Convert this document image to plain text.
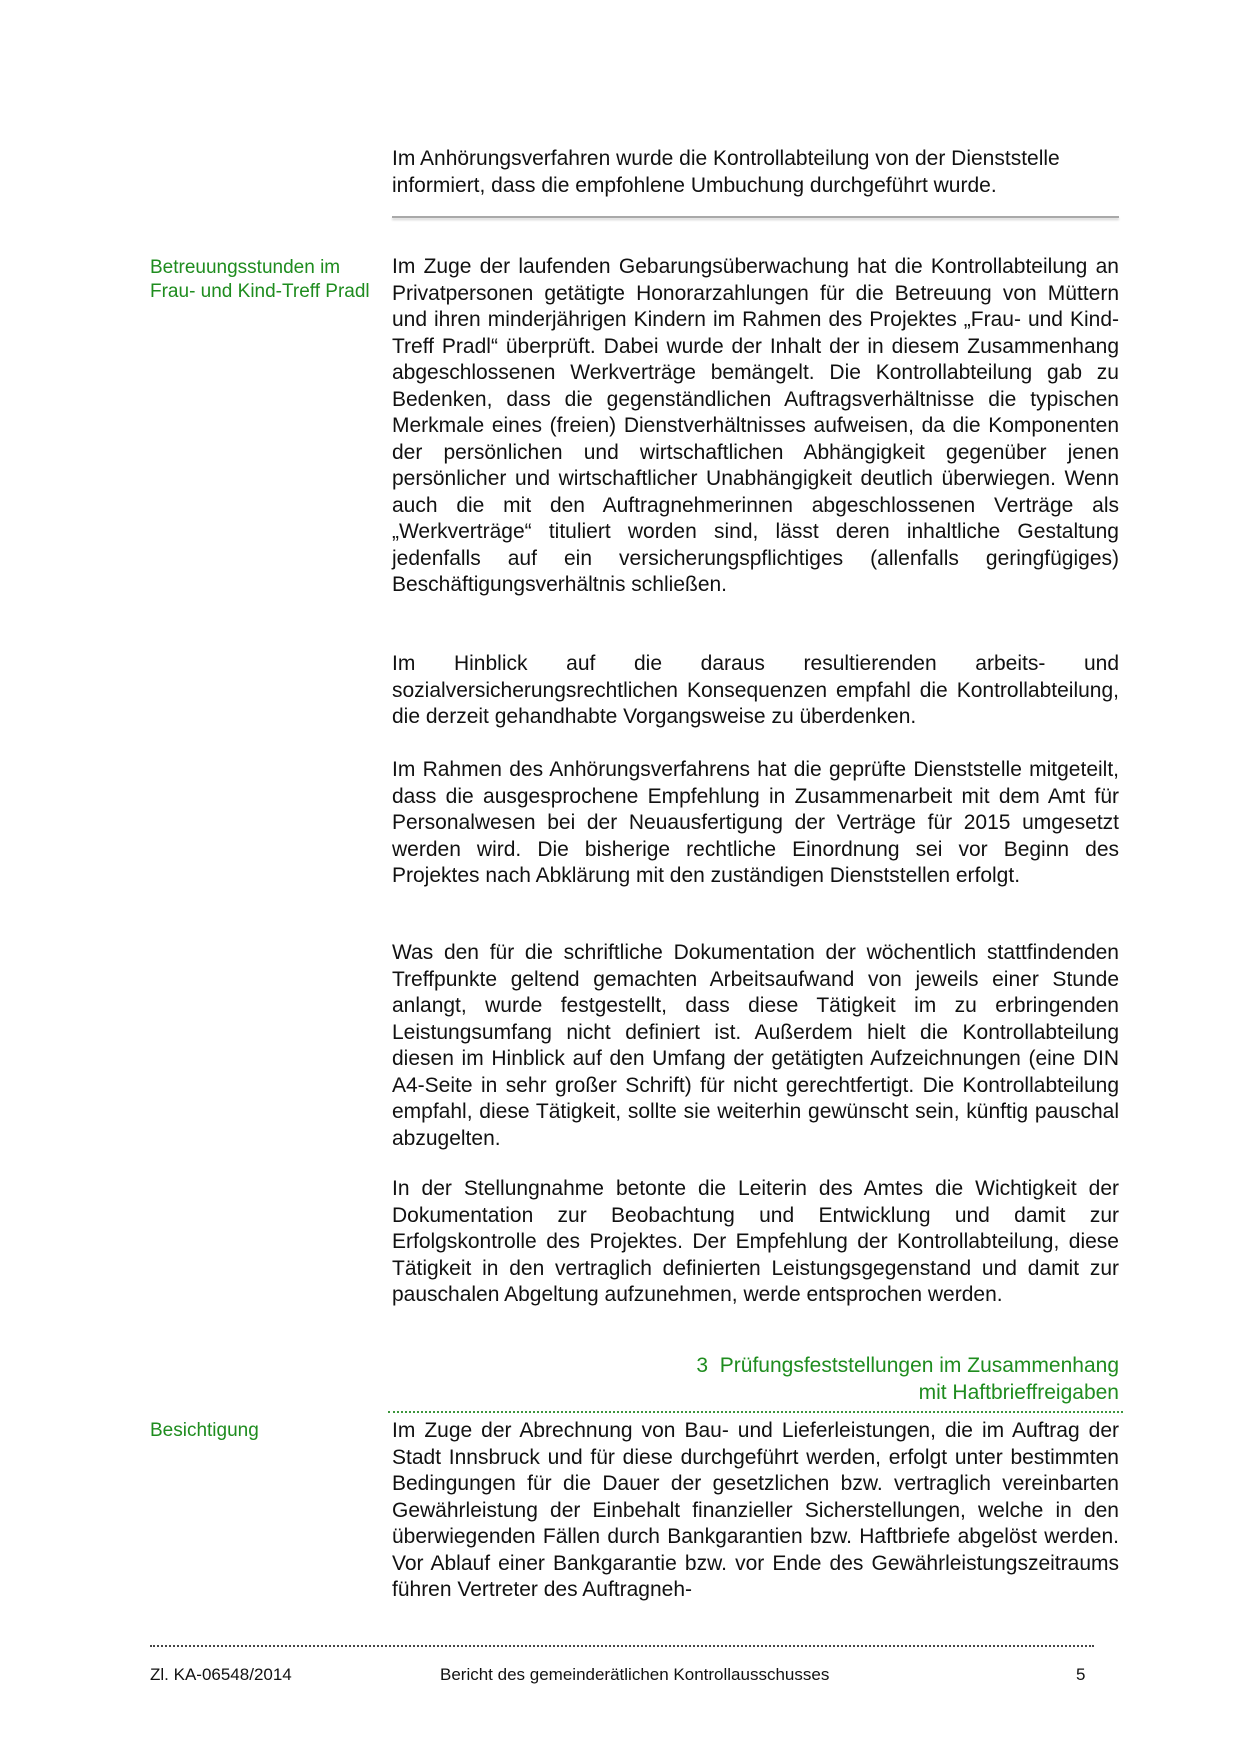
Im Anhörungsverfahren wurde die Kontrollabteilung von der Dienststelle informiert, dass die empfohlene Umbuchung durchgeführt wurde.

Betreuungsstunden im Frau- und Kind-Treff Pradl

Im Zuge der laufenden Gebarungsüberwachung hat die Kontrollabteilung an Privatpersonen getätigte Honorarzahlungen für die Betreuung von Müttern und ihren minderjährigen Kindern im Rahmen des Projektes „Frau- und Kind-Treff Pradl“ überprüft. Dabei wurde der Inhalt der in diesem Zusammenhang abgeschlossenen Werkverträge bemängelt. Die Kontrollabteilung gab zu Bedenken, dass die gegenständlichen Auftragsverhältnisse die typischen Merkmale eines (freien) Dienstverhältnisses aufweisen, da die Komponenten der persönlichen und wirtschaftlichen Abhängigkeit gegenüber jenen persönlicher und wirtschaftlicher Unabhängigkeit deutlich überwiegen. Wenn auch die mit den Auftragnehmerinnen abgeschlossenen Verträge als „Werkverträge“ tituliert worden sind, lässt deren inhaltliche Gestaltung jedenfalls auf ein versicherungspflichtiges (allenfalls geringfügiges) Beschäftigungsverhältnis schließen.

Im Hinblick auf die daraus resultierenden arbeits- und sozialversicherungsrechtlichen Konsequenzen empfahl die Kontrollabteilung, die derzeit gehandhabte Vorgangsweise zu überdenken.

Im Rahmen des Anhörungsverfahrens hat die geprüfte Dienststelle mitgeteilt, dass die ausgesprochene Empfehlung in Zusammenarbeit mit dem Amt für Personalwesen bei der Neuausfertigung der Verträge für 2015 umgesetzt werden wird. Die bisherige rechtliche Einordnung sei vor Beginn des Projektes nach Abklärung mit den zuständigen Dienststellen erfolgt.

Was den für die schriftliche Dokumentation der wöchentlich stattfindenden Treffpunkte geltend gemachten Arbeitsaufwand von jeweils einer Stunde anlangt, wurde festgestellt, dass diese Tätigkeit im zu erbringenden Leistungsumfang nicht definiert ist. Außerdem hielt die Kontrollabteilung diesen im Hinblick auf den Umfang der getätigten Aufzeichnungen (eine DIN A4-Seite in sehr großer Schrift) für nicht gerechtfertigt. Die Kontrollabteilung empfahl, diese Tätigkeit, sollte sie weiterhin gewünscht sein, künftig pauschal abzugelten.

In der Stellungnahme betonte die Leiterin des Amtes die Wichtigkeit der Dokumentation zur Beobachtung und Entwicklung und damit zur Erfolgskontrolle des Projektes. Der Empfehlung der Kontrollabteilung, diese Tätigkeit in den vertraglich definierten Leistungsgegenstand und damit zur pauschalen Abgeltung aufzunehmen, werde entsprochen werden.

3 Prüfungsfeststellungen im Zusammenhang
mit Haftbrieffreigaben
Besichtigung	Im Zuge der Abrechnung von Bau- und Lieferleistungen, die im Auftrag der Stadt Innsbruck und für diese durchgeführt werden, erfolgt unter bestimmten Bedingungen für die Dauer der gesetzlichen bzw. vertraglich vereinbarten Gewährleistung der Einbehalt finanzieller Sicherstellungen, welche in den überwiegenden Fällen durch Bankgarantien bzw. Haftbriefe abgelöst werden. Vor Ablauf einer Bankgarantie bzw. vor Ende des Gewährleistungszeitraums führen Vertreter des Auftragneh-

Zl. KA-06548/2014	Bericht des gemeinderätlichen Kontrollausschusses	5
